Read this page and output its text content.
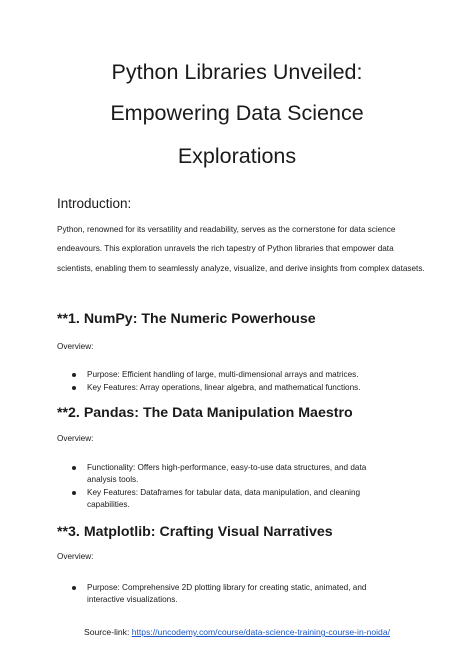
Python Libraries Unveiled:
Empowering Data Science
Explorations
Introduction:

Python, renowned for its versatility and readability, serves as the cornerstone for data science endeavours. This exploration unravels the rich tapestry of Python libraries that empower data scientists, enabling them to seamlessly analyze, visualize, and derive insights from complex datasets.

**1. NumPy: The Numeric Powerhouse
Overview:
Purpose: Efficient handling of large, multi-dimensional arrays and matrices.
Key Features: Array operations, linear algebra, and mathematical functions.
**2. Pandas: The Data Manipulation Maestro
Overview:
Functionality: Offers high-performance, easy-to-use data structures, and data analysis tools.
Key Features: Dataframes for tabular data, data manipulation, and cleaning capabilities.
**3. Matplotlib: Crafting Visual Narratives
Overview:
Purpose: Comprehensive 2D plotting library for creating static, animated, and interactive visualizations.
Source-link: https://uncodemy.com/course/data-science-training-course-in-noida/
